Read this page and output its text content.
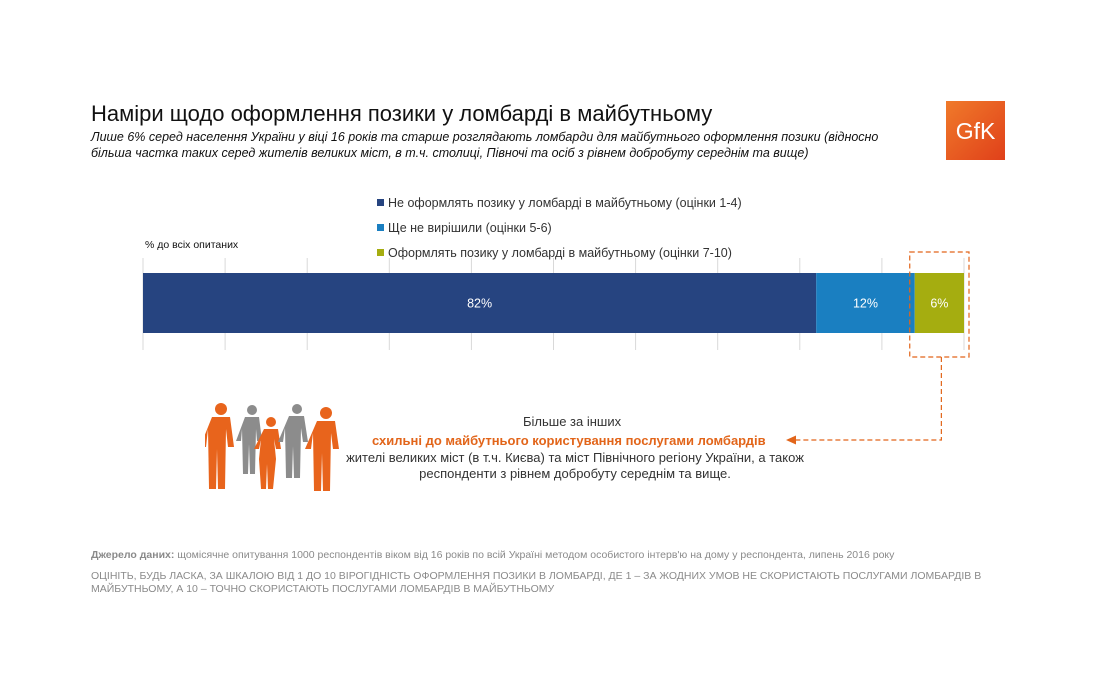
Наміри щодо оформлення позики у ломбарді в майбутньому
Лише 6% серед населення України у віці 16 років та старше розглядають ломбарди для майбутнього оформлення позики (відносно більша частка таких серед жителів великих міст, в т.ч. столиці, Півночі та осіб з рівнем добробуту середнім та вище)
GfK
Не оформлять позику у ломбарді в майбутньому (оцінки 1-4)
Ще не вирішили (оцінки 5-6)
Оформлять позику у ломбарді в майбутньому (оцінки 7-10)
% до всіх опитаних
82%	12%	6%
Більше за інших
схильні до майбутнього користування послугами ломбардів
жителі великих міст (в т.ч. Києва) та міст Північного регіону України, а також респонденти з рівнем добробуту середнім та вище.
Джерело даних: щомісячне опитування 1000 респондентів віком від 16 років по всій Україні методом особистого інтерв'ю на дому у респондента, липень 2016 року
ОЦІНІТЬ, БУДЬ ЛАСКА, ЗА ШКАЛОЮ ВІД 1 ДО 10 ВІРОГІДНІСТЬ ОФОРМЛЕННЯ ПОЗИКИ В ЛОМБАРДІ, ДЕ 1 – ЗА ЖОДНИХ УМОВ НЕ СКОРИСТАЮТЬ ПОСЛУГАМИ ЛОМБАРДІВ В МАЙБУТНЬОМУ, А 10 – ТОЧНО СКОРИСТАЮТЬ ПОСЛУГАМИ ЛОМБАРДІВ В МАЙБУТНЬОМУ
